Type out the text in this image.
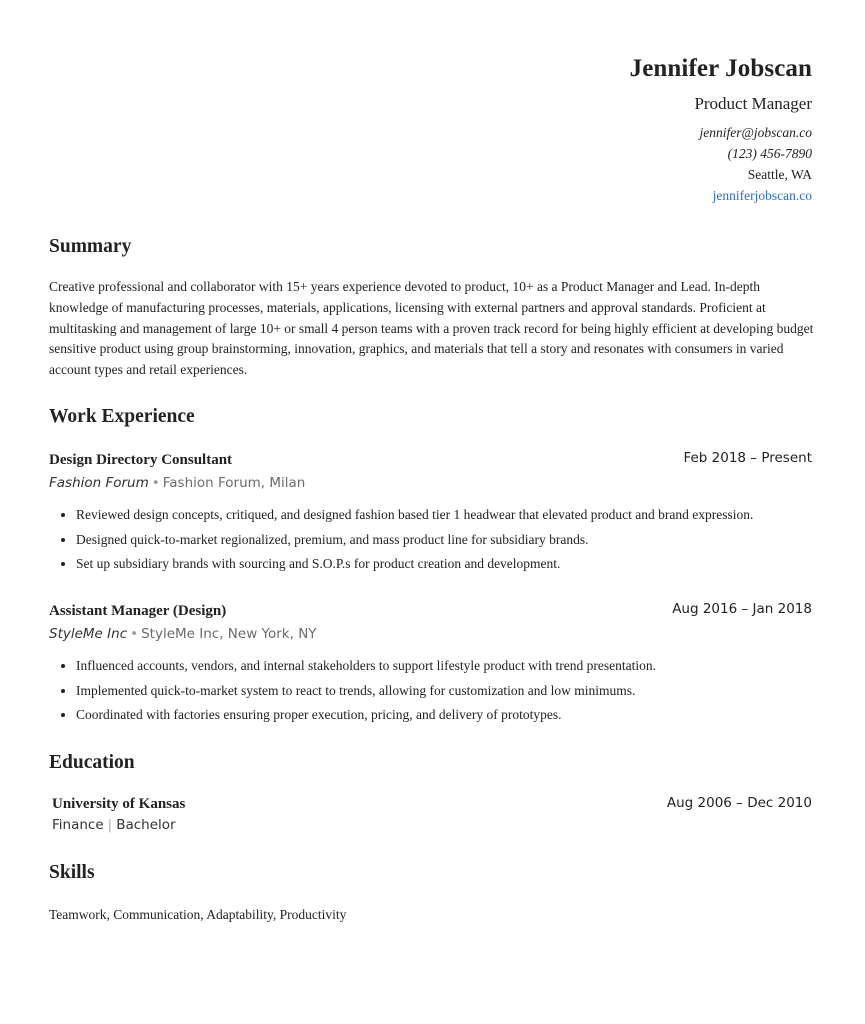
Jennifer Jobscan
Product Manager
jennifer@jobscan.co
(123) 456-7890
Seattle, WA
jenniferjobscan.co
Summary

Creative professional and collaborator with 15+ years experience devoted to product, 10+ as a Product Manager and Lead. In-depth knowledge of manufacturing processes, materials, applications, licensing with external partners and approval standards. Proficient at multitasking and management of large 10+ or small 4 person teams with a proven track record for being highly efficient at developing budget sensitive product using group brainstorming, innovation, graphics, and materials that tell a story and resonates with consumers in varied account types and retail experiences.

Work Experience
Design Directory Consultant	Feb 2018 – Present
Fashion Forum • Fashion Forum, Milan
• Reviewed design concepts, critiqued, and designed fashion based tier 1 headwear that elevated product and brand expression.
• Designed quick-to-market regionalized, premium, and mass product line for subsidiary brands.
• Set up subsidiary brands with sourcing and S.O.P.s for product creation and development.
Assistant Manager (Design)	Aug 2016 – Jan 2018
StyleMe Inc • StyleMe Inc, New York, NY
• Influenced accounts, vendors, and internal stakeholders to support lifestyle product with trend presentation.
• Implemented quick-to-market system to react to trends, allowing for customization and low minimums.
• Coordinated with factories ensuring proper execution, pricing, and delivery of prototypes.
Education
University of Kansas	Aug 2006 – Dec 2010
Finance | Bachelor
Skills
Teamwork, Communication, Adaptability, Productivity
